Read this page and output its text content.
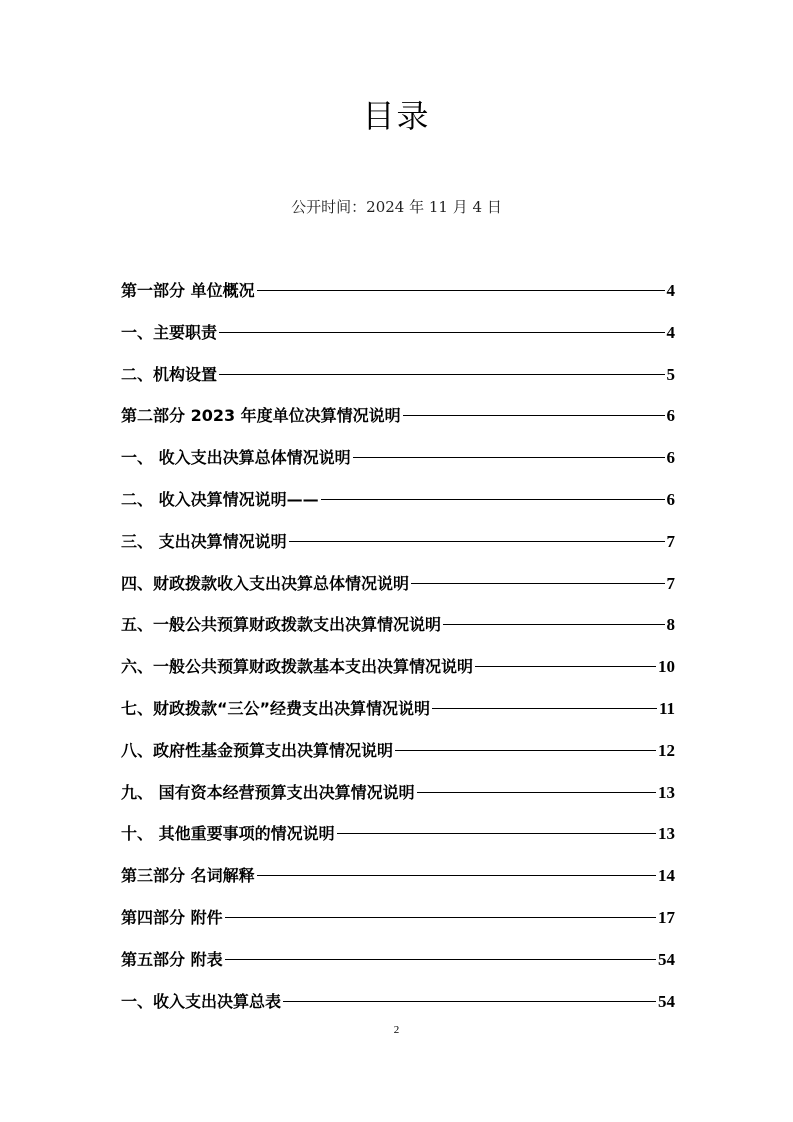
目录
公开时间：2024 年 11 月 4 日
第一部分 单位概况	4
一、主要职责	4
二、机构设置	5
第二部分 2023 年度单位决算情况说明	6
一、 收入支出决算总体情况说明	6
二、 收入决算情况说明——	6
三、 支出决算情况说明	7
四、财政拨款收入支出决算总体情况说明	7
五、一般公共预算财政拨款支出决算情况说明	8
六、一般公共预算财政拨款基本支出决算情况说明	10
七、财政拨款“三公”经费支出决算情况说明	11
八、政府性基金预算支出决算情况说明	12
九、 国有资本经营预算支出决算情况说明	13
十、 其他重要事项的情况说明	13
第三部分 名词解释	14
第四部分 附件	17
第五部分 附表	54
一、收入支出决算总表	54
2
